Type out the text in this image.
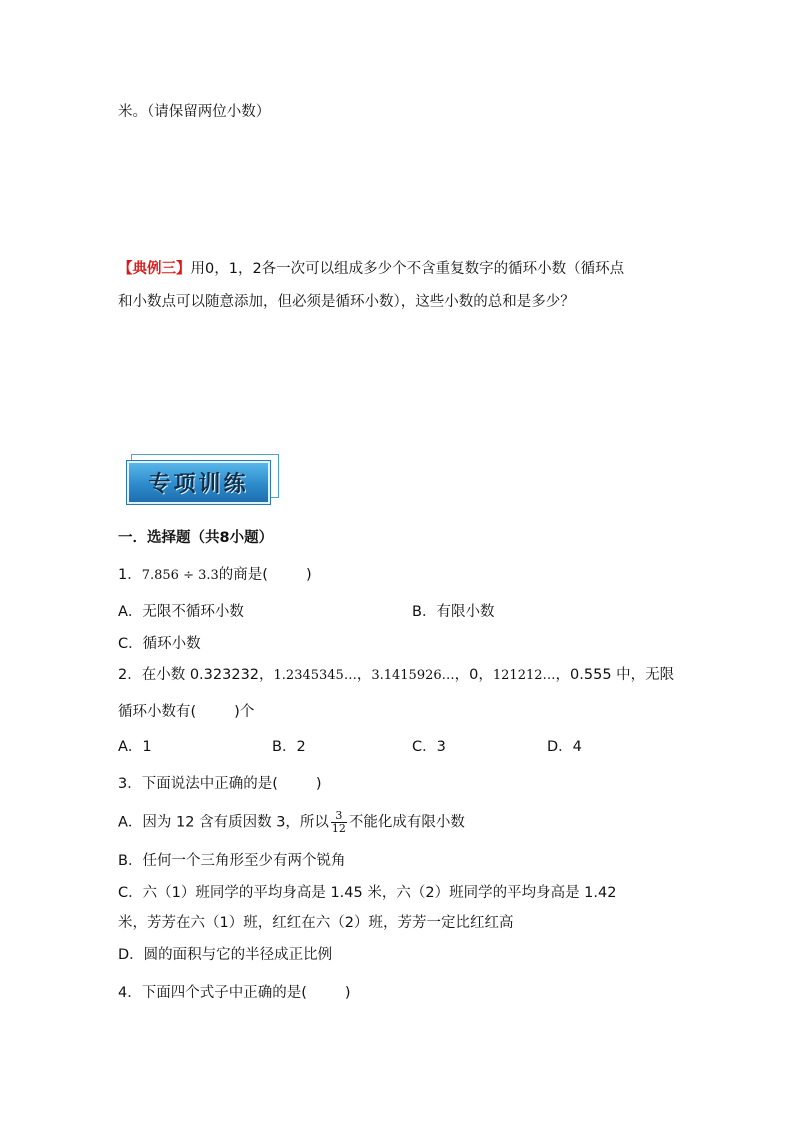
米。（请保留两位小数）
【典例三】用0，1，2各一次可以组成多少个不含重复数字的循环小数（循环点
和小数点可以随意添加，但必须是循环小数），这些小数的总和是多少？
专项训练
一．选择题（共8小题）
1．7.856 ÷ 3.3的商是(	)
A．无限不循环小数	B．有限小数
C．循环小数
2．在小数 0.323232，1.2345345…，3.1415926…，0，121212…，0.555 中，无限
循环小数有(	)个
A．1	B．2	C．3	D．4
3．下面说法中正确的是(	)
A．因为 12 含有质因数 3，所以 $\frac{3}{12}$ 不能化成有限小数
B．任何一个三角形至少有两个锐角
C．六（1）班同学的平均身高是 1.45 米，六（2）班同学的平均身高是 1.42
米，芳芳在六（1）班，红红在六（2）班，芳芳一定比红红高
D．圆的面积与它的半径成正比例
4．下面四个式子中正确的是(	)
